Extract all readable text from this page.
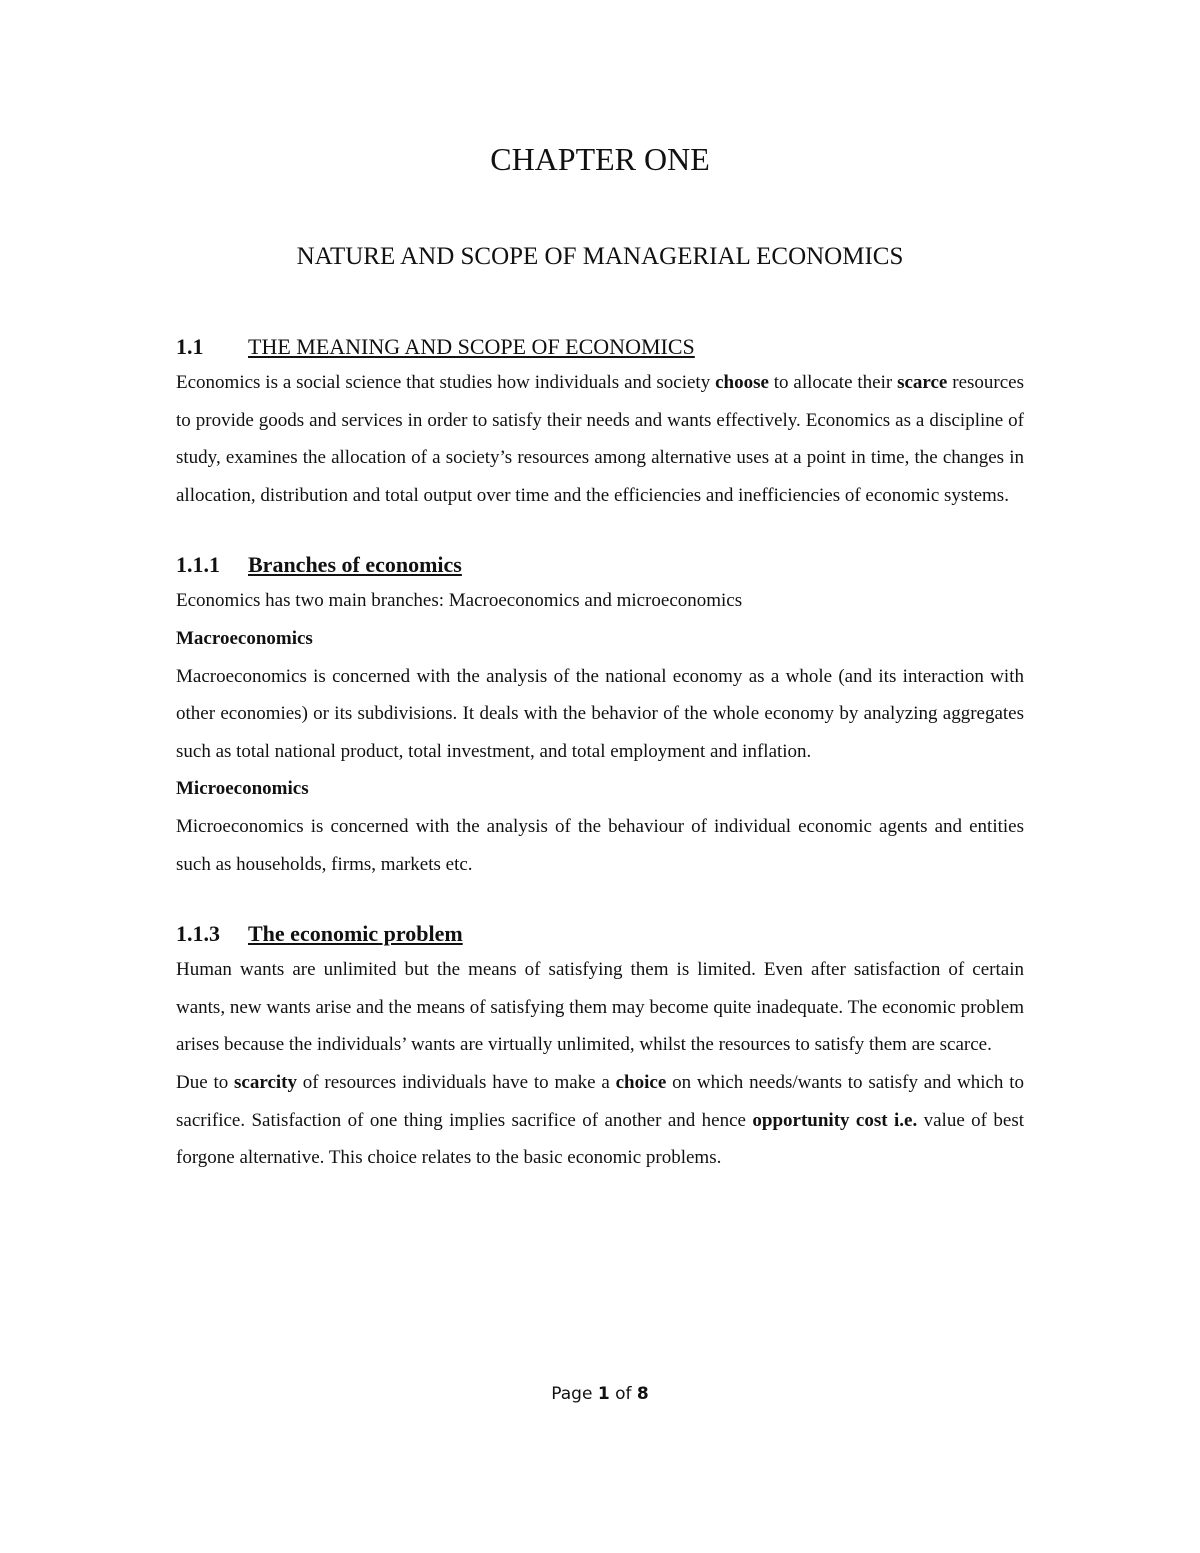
CHAPTER ONE
NATURE AND SCOPE OF MANAGERIAL ECONOMICS
1.1 THE MEANING AND SCOPE OF ECONOMICS

Economics is a social science that studies how individuals and society choose to allocate their scarce resources to provide goods and services in order to satisfy their needs and wants effectively. Economics as a discipline of study, examines the allocation of a society’s resources among alternative uses at a point in time, the changes in allocation, distribution and total output over time and the efficiencies and inefficiencies of economic systems.

1.1.1 Branches of economics

Economics has two main branches: Macroeconomics and microeconomics

Macroeconomics

Macroeconomics is concerned with the analysis of the national economy as a whole (and its interaction with other economies) or its subdivisions. It deals with the behavior of the whole economy by analyzing aggregates such as total national product, total investment, and total employment and inflation.

Microeconomics

Microeconomics is concerned with the analysis of the behaviour of individual economic agents and entities such as households, firms, markets etc.

1.1.3 The economic problem

Human wants are unlimited but the means of satisfying them is limited. Even after satisfaction of certain wants, new wants arise and the means of satisfying them may become quite inadequate. The economic problem arises because the individuals’ wants are virtually unlimited, whilst the resources to satisfy them are scarce.

Due to scarcity of resources individuals have to make a choice on which needs/wants to satisfy and which to sacrifice. Satisfaction of one thing implies sacrifice of another and hence opportunity cost i.e. value of best forgone alternative. This choice relates to the basic economic problems.

Page 1 of 8
